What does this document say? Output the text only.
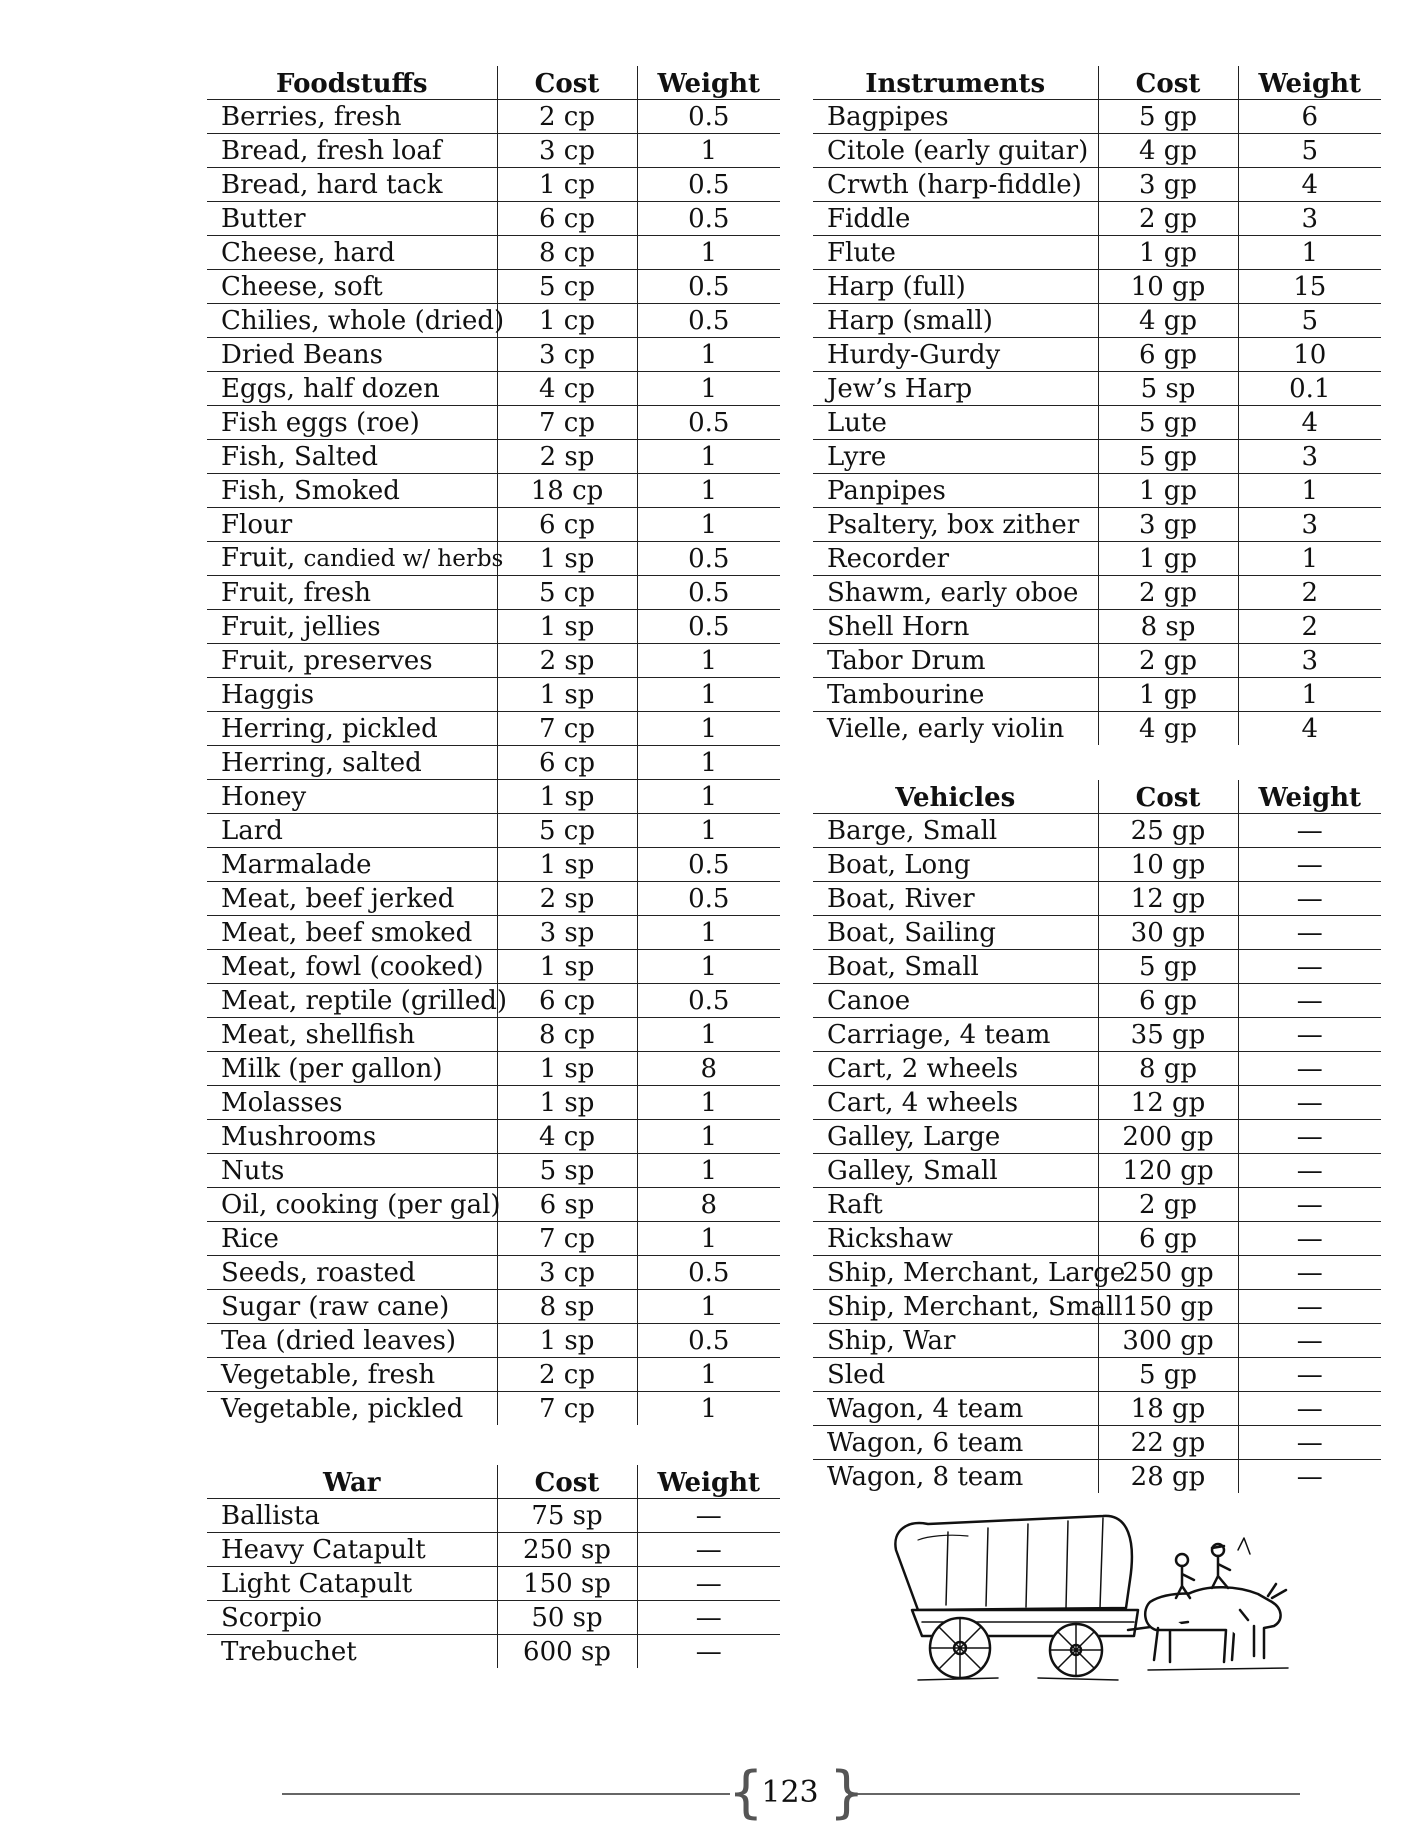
Foodstuffs	Cost	Weight
Berries, fresh	2 cp	0.5
Bread, fresh loaf	3 cp	1
Bread, hard tack	1 cp	0.5
Butter	6 cp	0.5
Cheese, hard	8 cp	1
Cheese, soft	5 cp	0.5
Chilies, whole (dried)	1 cp	0.5
Dried Beans	3 cp	1
Eggs, half dozen	4 cp	1
Fish eggs (roe)	7 cp	0.5
Fish, Salted	2 sp	1
Fish, Smoked	18 cp	1
Flour	6 cp	1
Fruit, candied w/ herbs	1 sp	0.5
Fruit, fresh	5 cp	0.5
Fruit, jellies	1 sp	0.5
Fruit, preserves	2 sp	1
Haggis	1 sp	1
Herring, pickled	7 cp	1
Herring, salted	6 cp	1
Honey	1 sp	1
Lard	5 cp	1
Marmalade	1 sp	0.5
Meat, beef jerked	2 sp	0.5
Meat, beef smoked	3 sp	1
Meat, fowl (cooked)	1 sp	1
Meat, reptile (grilled)	6 cp	0.5
Meat, shellfish	8 cp	1
Milk (per gallon)	1 sp	8
Molasses	1 sp	1
Mushrooms	4 cp	1
Nuts	5 sp	1
Oil, cooking (per gal)	6 sp	8
Rice	7 cp	1
Seeds, roasted	3 cp	0.5
Sugar (raw cane)	8 sp	1
Tea (dried leaves)	1 sp	0.5
Vegetable, fresh	2 cp	1
Vegetable, pickled	7 cp	1
War	Cost	Weight
Ballista	75 sp	—
Heavy Catapult	250 sp	—
Light Catapult	150 sp	—
Scorpio	50 sp	—
Trebuchet	600 sp	—
Instruments	Cost	Weight
Bagpipes	5 gp	6
Citole (early guitar)	4 gp	5
Crwth (harp-fiddle)	3 gp	4
Fiddle	2 gp	3
Flute	1 gp	1
Harp (full)	10 gp	15
Harp (small)	4 gp	5
Hurdy-Gurdy	6 gp	10
Jew’s Harp	5 sp	0.1
Lute	5 gp	4
Lyre	5 gp	3
Panpipes	1 gp	1
Psaltery, box zither	3 gp	3
Recorder	1 gp	1
Shawm, early oboe	2 gp	2
Shell Horn	8 sp	2
Tabor Drum	2 gp	3
Tambourine	1 gp	1
Vielle, early violin	4 gp	4
Vehicles	Cost	Weight
Barge, Small	25 gp	—
Boat, Long	10 gp	—
Boat, River	12 gp	—
Boat, Sailing	30 gp	—
Boat, Small	5 gp	—
Canoe	6 gp	—
Carriage, 4 team	35 gp	—
Cart, 2 wheels	8 gp	—
Cart, 4 wheels	12 gp	—
Galley, Large	200 gp	—
Galley, Small	120 gp	—
Raft	2 gp	—
Rickshaw	6 gp	—
Ship, Merchant, Large	250 gp	—
Ship, Merchant, Small	150 gp	—
Ship, War	300 gp	—
Sled	5 gp	—
Wagon, 4 team	18 gp	—
Wagon, 6 team	22 gp	—
Wagon, 8 team	28 gp	—
{ }
123
